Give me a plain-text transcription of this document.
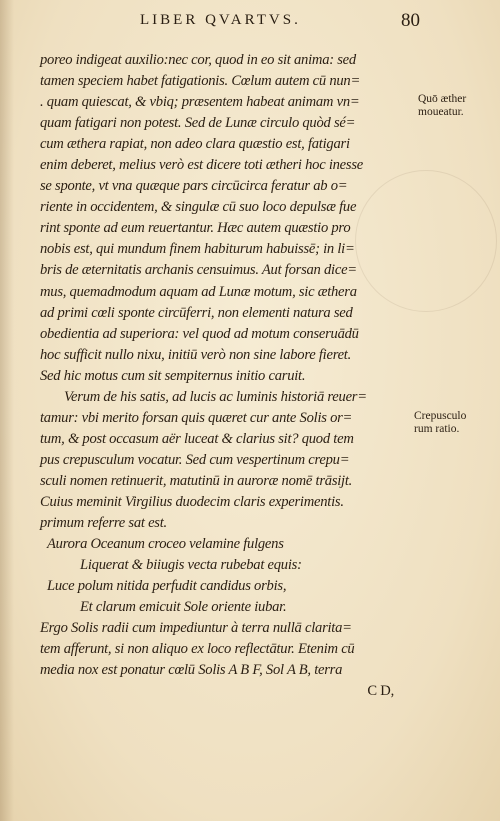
LIBER QVARTVS.	80
poreo indigeat auxilio:nec cor, quod in eo sit anima: sed
tamen speciem habet fatigationis. Cœlum autem cū nun=
. quam quiescat, & vbiq; præsentem habeat animam vn=
quam fatigari non potest. Sed de Lunæ circulo quòd sé=
cum æthera rapiat, non adeo clara quæstio est, fatigari
enim deberet, melius verò est dicere toti ætheri hoc inesse
se sponte, vt vna quæque pars circūcirca feratur ab o=
riente in occidentem, & singulæ cū suo loco depulsæ fue
rint sponte ad eum reuertantur. Hæc autem quæstio pro
nobis est, qui mundum finem habiturum habuissē; in li=
bris de æternitatis archanis censuimus. Aut forsan dice=
mus, quemadmodum aquam ad Lunæ motum, sic æthera
ad primi cœli sponte circūferri, non elementi natura sed
obedientia ad superiora: vel quod ad motum conseruādū
hoc sufficit nullo nixu, initiū verò non sine labore fieret.
Sed hic motus cum sit sempiternus initio caruit.
Verum de his satis, ad lucis ac luminis historiā reuer=
tamur: vbi merito forsan quis quæret cur ante Solis or=
tum, & post occasum aër luceat & clarius sit? quod tem
pus crepusculum vocatur. Sed cum vespertinum crepu=
sculi nomen retinuerit, matutinū in auroræ nomē trāsijt.
Cuius meminit Virgilius duodecim claris experimentis.
primum referre sat est.
Aurora Oceanum croceo velamine fulgens
Liquerat & biiugis vecta rubebat equis:
Luce polum nitida perfudit candidus orbis,
Et clarum emicuit Sole oriente iubar.
Ergo Solis radii cum impediuntur à terra nullā clarita=
tem afferunt, si non aliquo ex loco reflectātur. Etenim cū
media nox est ponatur cœlū Solis A B F, Sol A B, terra
C D,
Quō æther
moueatur.
Crepusculo
rum ratio.
